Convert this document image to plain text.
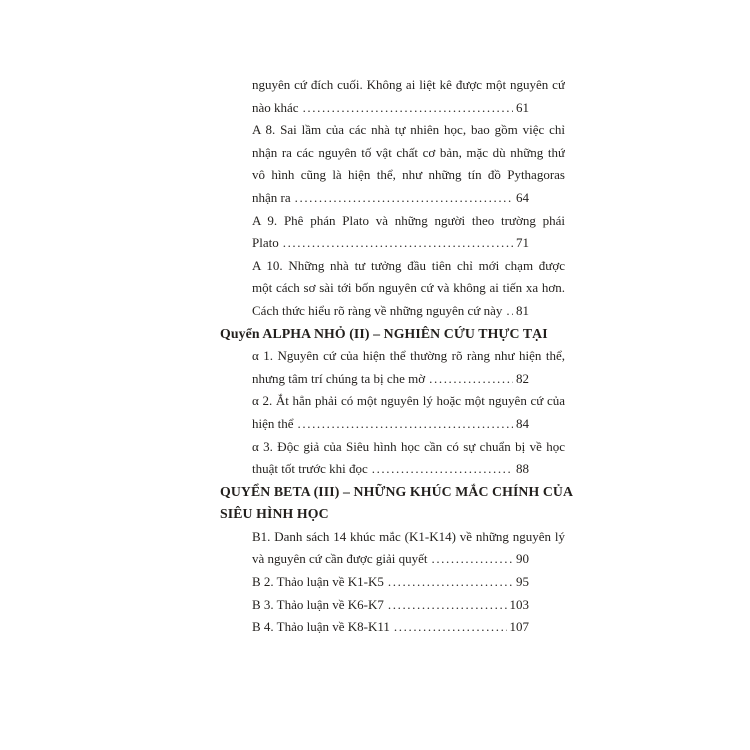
nguyên cứ đích cuối. Không ai liệt kê được một nguyên cứ
nào khác .....	61
A 8. Sai lầm của các nhà tự nhiên học, bao gồm việc chỉ
nhận ra các nguyên tố vật chất cơ bản, mặc dù những thứ
vô hình cũng là hiện thể, như những tín đồ Pythagoras
nhận ra .....	64
A 9. Phê phán Plato và những người theo trường phái
Plato .....	71
A 10. Những nhà tư tưởng đầu tiên chỉ mới chạm được
một cách sơ sài tới bốn nguyên cứ và không ai tiến xa hơn.
Cách thức hiểu rõ ràng về những nguyên cứ này ..... 81
Quyển ALPHA NHỎ (II) – NGHIÊN CỨU THỰC TẠI
α 1. Nguyên cứ của hiện thể thường rõ ràng như hiện thể,
nhưng tâm trí chúng ta bị che mờ .....	82
α 2. Ắt hẳn phải có một nguyên lý hoặc một nguyên cứ của
hiện thể .....	84
α 3. Độc giả của Siêu hình học cần có sự chuẩn bị về học
thuật tốt trước khi đọc .....	88
QUYỂN BETA (III) – NHỮNG KHÚC MẮC CHÍNH CỦA
SIÊU HÌNH HỌC
B1. Danh sách 14 khúc mắc (K1-K14) về những nguyên lý
và nguyên cứ cần được giải quyết .....	90
B 2. Thảo luận về K1-K5 .....	95
B 3. Thảo luận về K6-K7 .....	103
B 4. Thảo luận về K8-K11 .....	107
